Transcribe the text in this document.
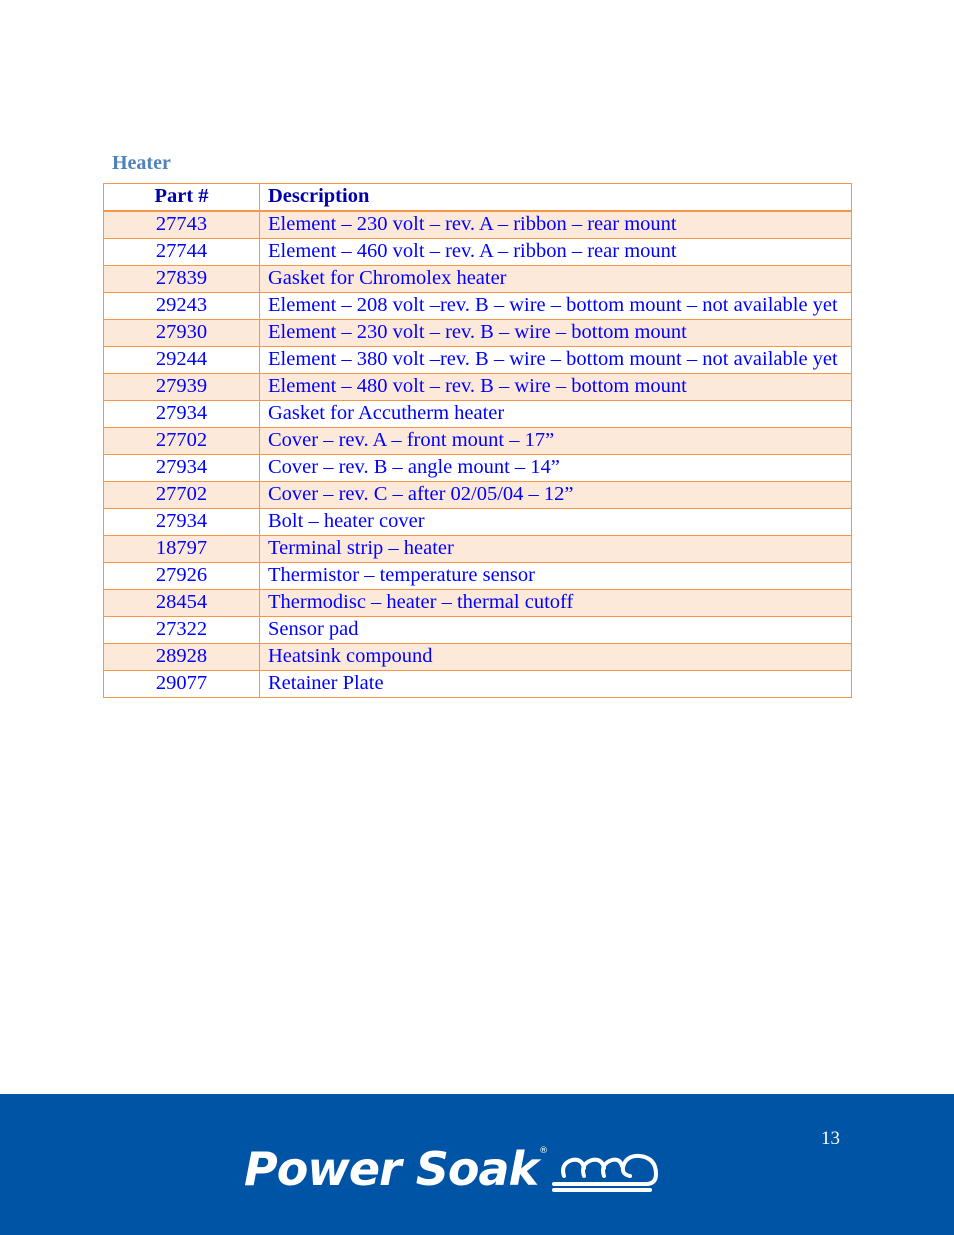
Heater
Part #	Description
27743	Element – 230 volt – rev. A – ribbon – rear mount
27744	Element – 460 volt – rev. A – ribbon – rear mount
27839	Gasket for Chromolex heater
29243	Element – 208 volt –rev. B – wire – bottom mount – not available yet
27930	Element – 230 volt – rev. B – wire – bottom mount
29244	Element – 380 volt –rev. B – wire – bottom mount – not available yet
27939	Element – 480 volt – rev. B – wire – bottom mount
27934	Gasket for Accutherm heater
27702	Cover – rev. A – front mount – 17”
27934	Cover – rev. B – angle mount – 14”
27702	Cover – rev. C – after 02/05/04 – 12”
27934	Bolt – heater cover
18797	Terminal strip – heater
27926	Thermistor – temperature sensor
28454	Thermodisc – heater – thermal cutoff
27322	Sensor pad
28928	Heatsink compound
29077	Retainer Plate
13
Power Soak ®
